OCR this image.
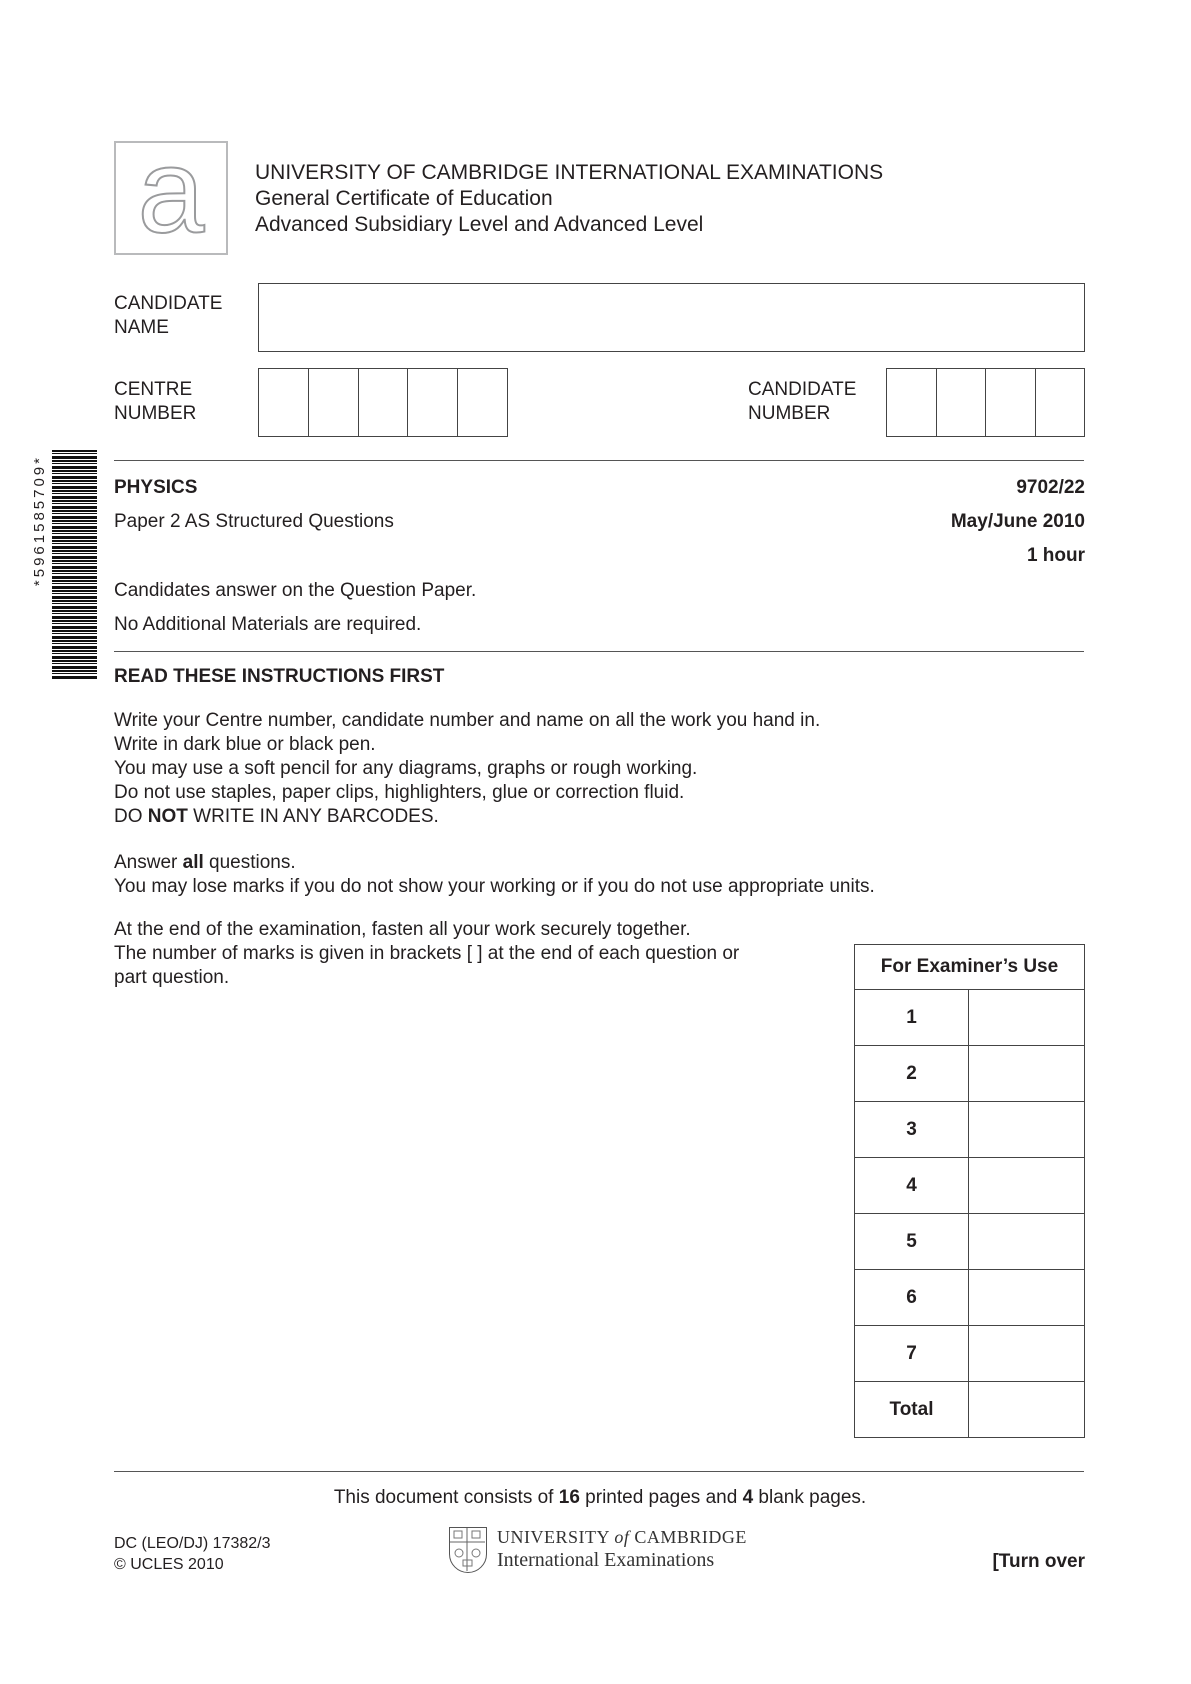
a	UNIVERSITY OF CAMBRIDGE INTERNATIONAL EXAMINATIONS
General Certificate of Education
Advanced Subsidiary Level and Advanced Level
CANDIDATE
NAME
CENTRE
NUMBER
CANDIDATE
NUMBER
*5961585709*	PHYSICS	9702/22
Paper 2 AS Structured Questions	May/June 2010
1 hour
Candidates answer on the Question Paper.
No Additional Materials are required.
READ THESE INSTRUCTIONS FIRST
Write your Centre number, candidate number and name on all the work you hand in.
Write in dark blue or black pen.
You may use a soft pencil for any diagrams, graphs or rough working.
Do not use staples, paper clips, highlighters, glue or correction fluid.
DO NOT WRITE IN ANY BARCODES.
Answer all questions.
You may lose marks if you do not show your working or if you do not use appropriate units.
At the end of the examination, fasten all your work securely together.
The number of marks is given in brackets [ ] at the end of each question or
part question.
For Examiner’s Use	
1	
2	
3	
4	
5	
6	
7	
Total	
This document consists of 16 printed pages and 4 blank pages.
DC (LEO/DJ) 17382/3
© UCLES 2010
UNIVERSITY of CAMBRIDGE
International Examinations	[Turn over
